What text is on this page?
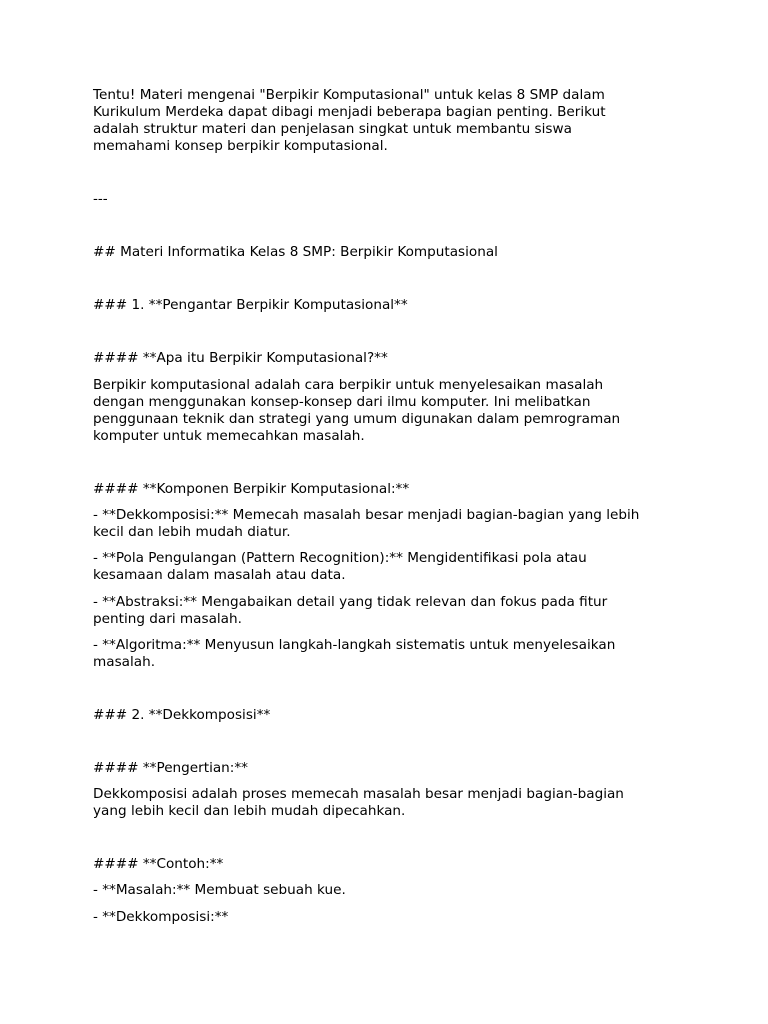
Tentu! Materi mengenai "Berpikir Komputasional" untuk kelas 8 SMP dalam

Kurikulum Merdeka dapat dibagi menjadi beberapa bagian penting. Berikut

adalah struktur materi dan penjelasan singkat untuk membantu siswa

memahami konsep berpikir komputasional.

---

## Materi Informatika Kelas 8 SMP: Berpikir Komputasional

### 1. **Pengantar Berpikir Komputasional**

#### **Apa itu Berpikir Komputasional?**

Berpikir komputasional adalah cara berpikir untuk menyelesaikan masalah

dengan menggunakan konsep-konsep dari ilmu komputer. Ini melibatkan

penggunaan teknik dan strategi yang umum digunakan dalam pemrograman

komputer untuk memecahkan masalah.

#### **Komponen Berpikir Komputasional:**

- **Dekkomposisi:** Memecah masalah besar menjadi bagian-bagian yang lebih

kecil dan lebih mudah diatur.

- **Pola Pengulangan (Pattern Recognition):** Mengidentifikasi pola atau

kesamaan dalam masalah atau data.

- **Abstraksi:** Mengabaikan detail yang tidak relevan dan fokus pada fitur

penting dari masalah.

- **Algoritma:** Menyusun langkah-langkah sistematis untuk menyelesaikan

masalah.

### 2. **Dekkomposisi**

#### **Pengertian:**

Dekkomposisi adalah proses memecah masalah besar menjadi bagian-bagian

yang lebih kecil dan lebih mudah dipecahkan.

#### **Contoh:**

- **Masalah:** Membuat sebuah kue.

- **Dekkomposisi:**
